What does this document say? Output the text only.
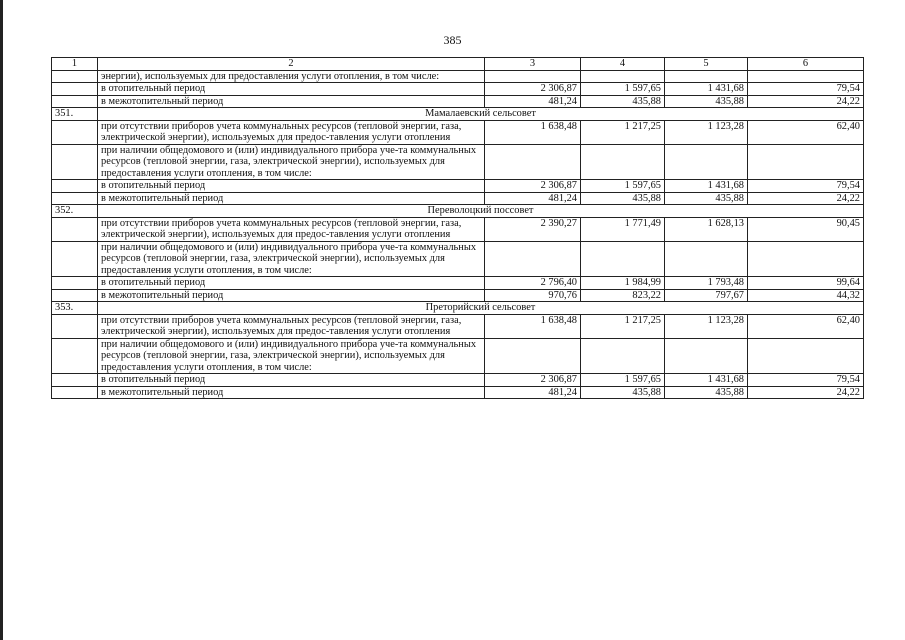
385
1	2	3	4	5	6
	энергии), используемых для предоставления услуги отопления, в том числе:				
	в отопительный период	2 306,87	1 597,65	1 431,68	79,54
	в межотопительный период	481,24	435,88	435,88	24,22
351.	Мамалаевский сельсовет				
	при отсутствии приборов учета коммунальных ресурсов (тепловой энергии, газа, электрической энергии), используемых для предос-тавления услуги отопления	1 638,48	1 217,25	1 123,28	62,40
	при наличии общедомового и (или) индивидуального прибора уче-та коммунальных ресурсов (тепловой энергии, газа, электрической энергии), используемых для предоставления услуги отопления, в том числе:				
	в отопительный период	2 306,87	1 597,65	1 431,68	79,54
	в межотопительный период	481,24	435,88	435,88	24,22
352.	Переволоцкий поссовет				
	при отсутствии приборов учета коммунальных ресурсов (тепловой энергии, газа, электрической энергии), используемых для предос-тавления услуги отопления	2 390,27	1 771,49	1 628,13	90,45
	при наличии общедомового и (или) индивидуального прибора уче-та коммунальных ресурсов (тепловой энергии, газа, электрической энергии), используемых для предоставления услуги отопления, в том числе:				
	в отопительный период	2 796,40	1 984,99	1 793,48	99,64
	в межотопительный период	970,76	823,22	797,67	44,32
353.	Преторийский сельсовет				
	при отсутствии приборов учета коммунальных ресурсов (тепловой энергии, газа, электрической энергии), используемых для предос-тавления услуги отопления	1 638,48	1 217,25	1 123,28	62,40
	при наличии общедомового и (или) индивидуального прибора уче-та коммунальных ресурсов (тепловой энергии, газа, электрической энергии), используемых для предоставления услуги отопления, в том числе:				
	в отопительный период	2 306,87	1 597,65	1 431,68	79,54
	в межотопительный период	481,24	435,88	435,88	24,22
